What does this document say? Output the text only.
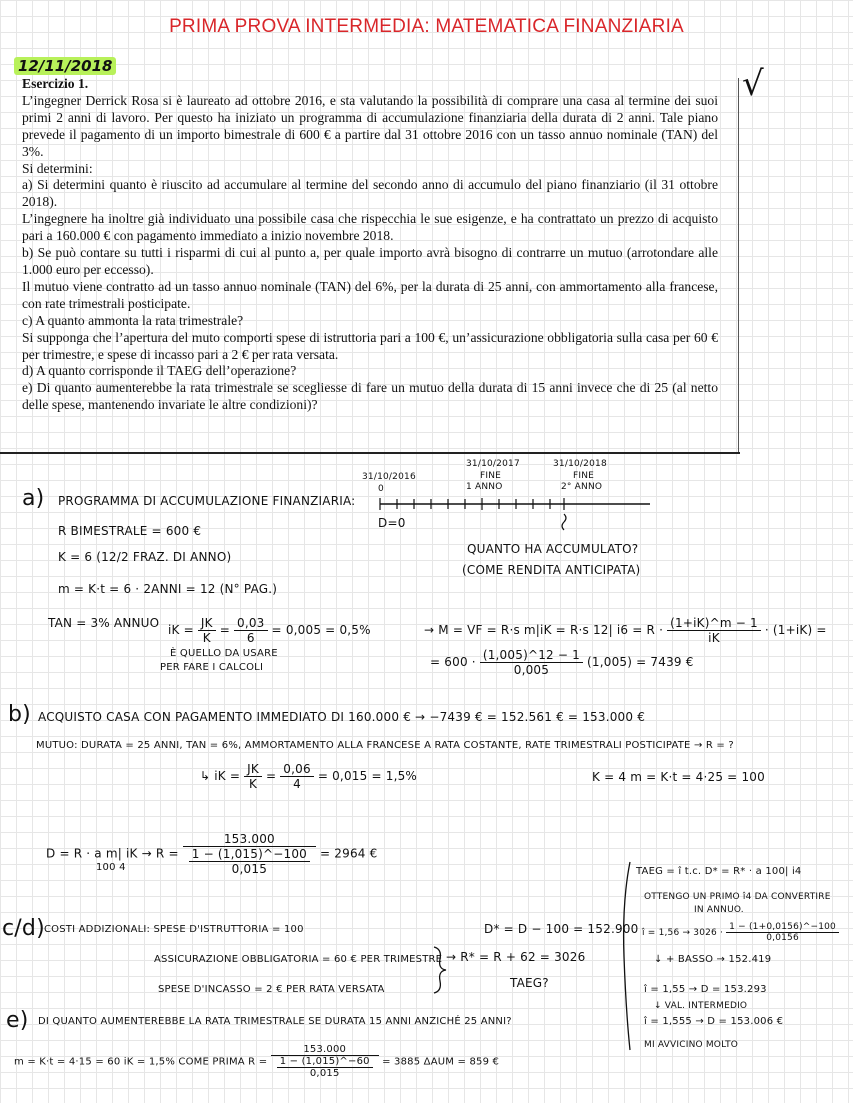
PRIMA PROVA INTERMEDIA: MATEMATICA FINANZIARIA
12/11/2018

Esercizio 1.

L’ingegner Derrick Rosa si è laureato ad ottobre 2016, e sta valutando la possibilità di comprare una casa al termine dei suoi primi 2 anni di lavoro. Per questo ha iniziato un programma di accumulazione finanziaria della durata di 2 anni. Tale piano prevede il pagamento di un importo bimestrale di 600 € a partire dal 31 ottobre 2016 con un tasso annuo nominale (TAN) del 3%.

Si determini:

a) Si determini quanto è riuscito ad accumulare al termine del secondo anno di accumulo del piano finanziario (il 31 ottobre 2018).

L’ingegnere ha inoltre già individuato una possibile casa che rispecchia le sue esigenze, e ha contrattato un prezzo di acquisto pari a 160.000 € con pagamento immediato a inizio novembre 2018.

b) Se può contare su tutti i risparmi di cui al punto a, per quale importo avrà bisogno di contrarre un mutuo (arrotondare alle 1.000 euro per eccesso).

Il mutuo viene contratto ad un tasso annuo nominale (TAN) del 6%, per la durata di 25 anni, con ammortamento alla francese, con rate trimestrali posticipate.

c) A quanto ammonta la rata trimestrale?

Si supponga che l’apertura del muto comporti spese di istruttoria pari a 100 €, un’assicurazione obbligatoria sulla casa per 60 € per trimestre, e spese di incasso pari a 2 € per rata versata.

d) A quanto corrisponde il TAEG dell’operazione?

e) Di quanto aumenterebbe la rata trimestrale se scegliesse di fare un mutuo della durata di 15 anni invece che di 25 (al netto delle spese, mantenendo invariate le altre condizioni)?

√
31/10/2016
0
31/10/2017
FINE
1 ANNO
31/10/2018
FINE
2° ANNO
D=0
a) PROGRAMMA DI ACCUMULAZIONE FINANZIARIA:
R BIMESTRALE = 600 €
K = 6 (12/2 FRAZ. DI ANNO)
QUANTO HA ACCUMULATO?
(COME RENDITA ANTICIPATA)
m = K·t = 6 · 2ANNI = 12 (N° PAG.)
TAN = 3% ANNUO iK = $\frac{JK}{K} = \frac{0,03}{6} = 0,005 = 0,5\%$
È QUELLO DA USARE
PER FARE I CALCOLI
→ M = VF = R·s m|iK = R·s 12| $i6 = R \cdot \frac{(1+iK)\^{}m - 1}{iK} \cdot (1+iK)$ =
= $600 \cdot \frac{(1,005)\^{}12 - 1}{0,005} (1,005) = 7439$ €
b) ACQUISTO CASA CON PAGAMENTO IMMEDIATO DI 160.000 € → −7439 € = 152.561 € = 153.000 €
MUTUO: DURATA = 25 ANNI, TAN = 6%, AMMORTAMENTO ALLA FRANCESE A RATA COSTANTE, RATE TRIMESTRALI POSTICIPATE → R = ?
↳ iK = $\frac{JK}{K} = \frac{0,06}{4} = 0,015 = 1,5\%$	K = 4 m = K·t = 4·25 = 100
D = R · a m| iK → R = 153.000
1 − (1,015)^−100
0,015 = 2964 €
100 4
c/d) COSTI ADDIZIONALI: SPESE D'ISTRUTTORIA = 100	D* = D − 100 = 152.900
ASSICURAZIONE OBBLIGATORIA = 60 € PER TRIMESTRE → R* = R + 62 = 3026
SPESE D'INCASSO = 2 € PER RATA VERSATA	TAEG?
TAEG = î t.c. D* = R* · a 100| i4
OTTENGO UN PRIMO î4 DA CONVERTIRE
IN ANNUO.
î = $1,56 \to 3026 \cdot \frac{1 - (1+0,0156)\^{}-100}{0,0156}$
↓ + BASSO → 152.419
î = 1,55 → D = 153.293
↓ VAL. INTERMEDIO
î = 1,555 → D = 153.006 €
MI AVVICINO MOLTO
e) DI QUANTO AUMENTEREBBE LA RATA TRIMESTRALE SE DURATA 15 ANNI ANZICHÉ 25 ANNI?
m = K·t = 4·15 = 60 iK = 1,5% COME PRIMA R = 153.000
1 − (1,015)^−60
0,015 = 3885 ΔAUM = 859 €
